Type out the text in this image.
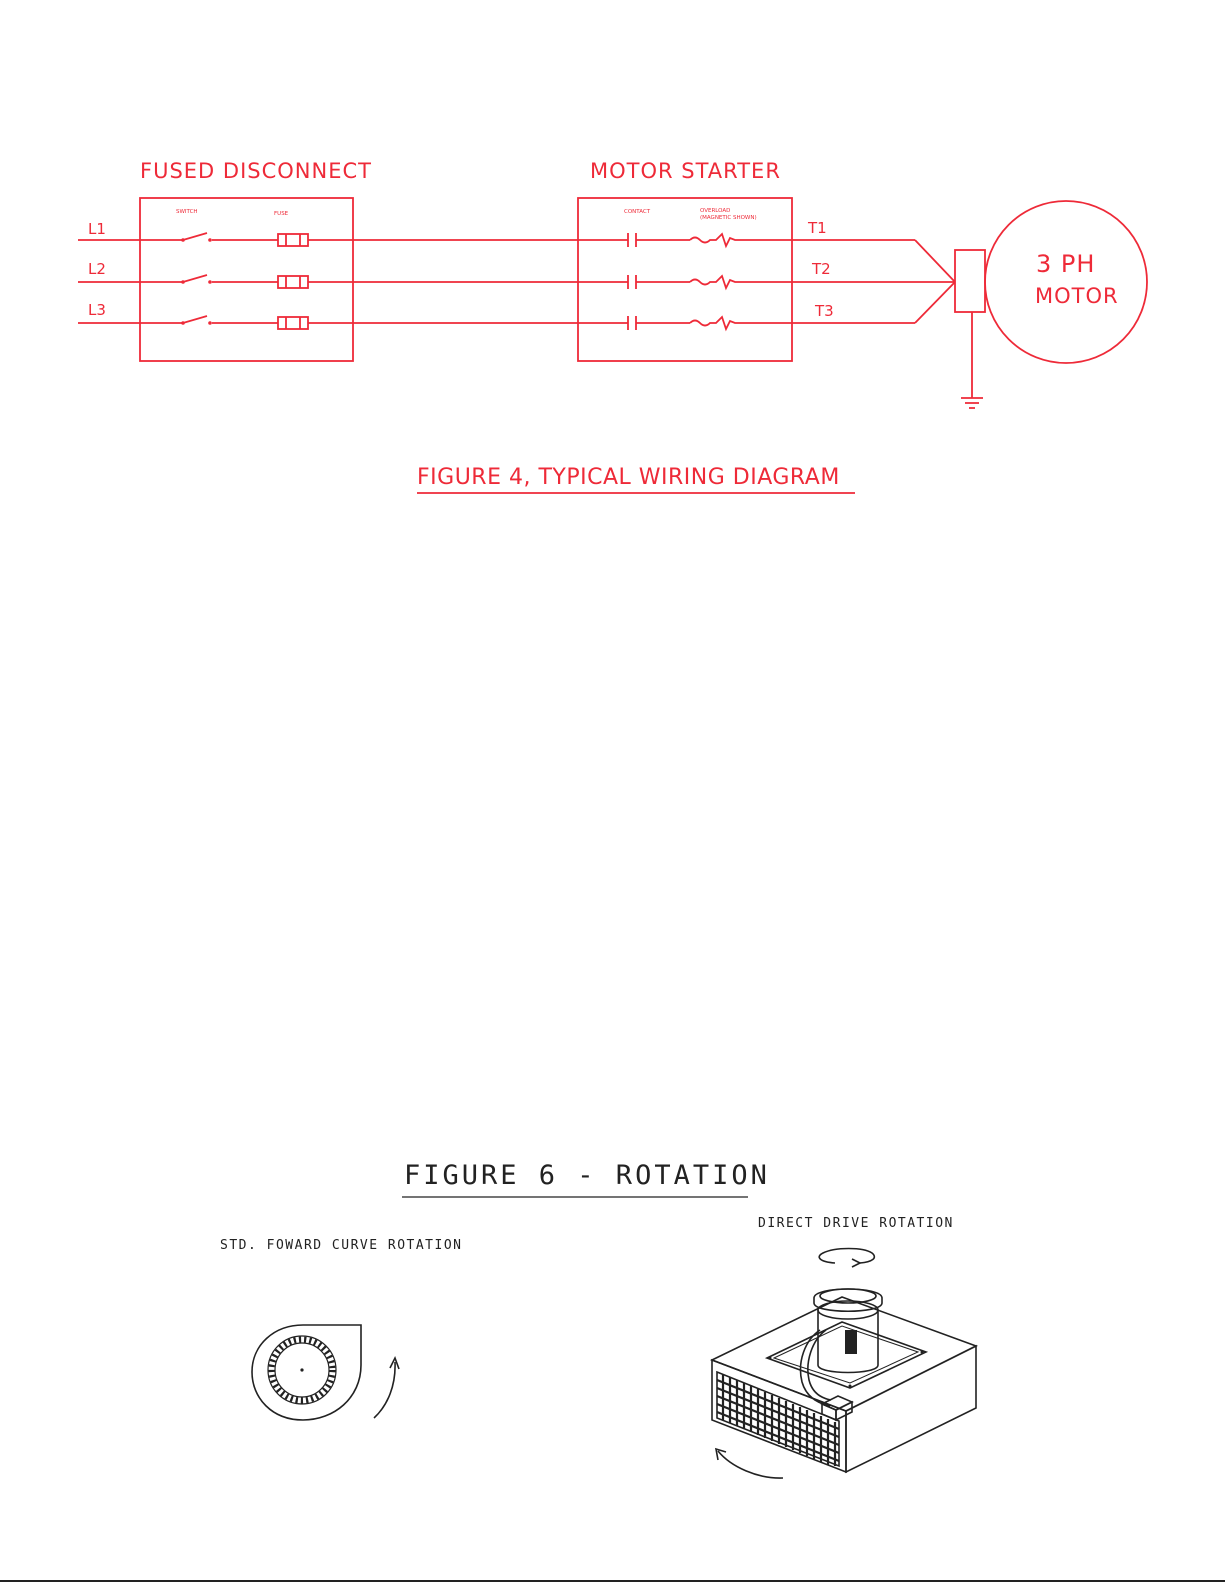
FUSED DISCONNECT	MOTOR STARTER
SWITCH	FUSE	CONTACT	OVERLOAD
(MAGNETIC SHOWN)
L1
L2
L3
T1
T2
T3
3 PH
MOTOR
FIGURE 4, TYPICAL WIRING DIAGRAM
FIGURE 6 - ROTATION
STD. FOWARD CURVE ROTATION
DIRECT DRIVE ROTATION
